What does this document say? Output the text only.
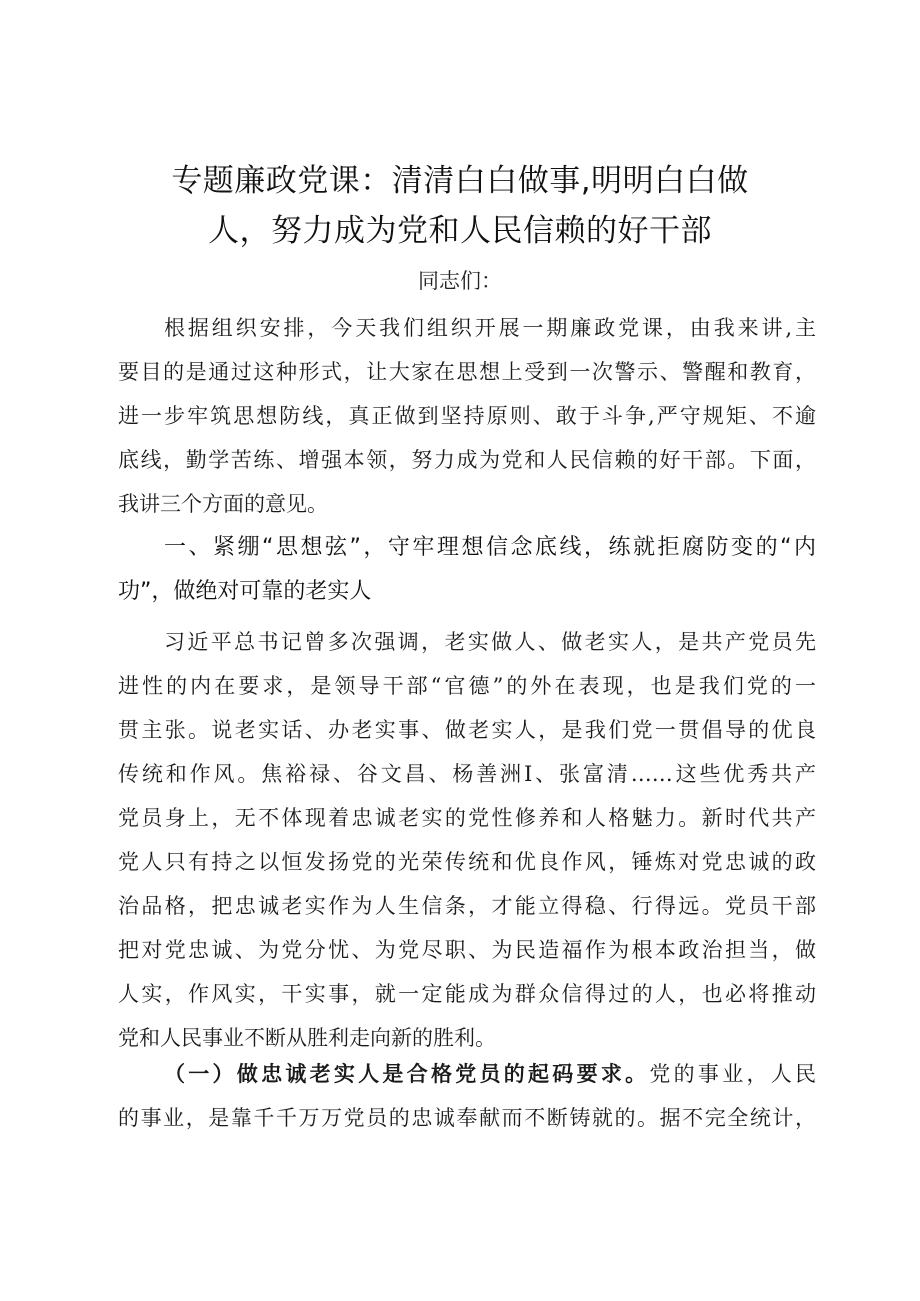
专题廉政党课：清清白白做事,明明白白做
人，努力成为党和人民信赖的好干部
同志们：
根据组织安排，今天我们组织开展一期廉政党课，由我来讲,主
要目的是通过这种形式，让大家在思想上受到一次警示、警醒和教育，
进一步牢筑思想防线，真正做到坚持原则、敢于斗争,严守规矩、不逾
底线，勤学苦练、增强本领，努力成为党和人民信赖的好干部。下面，
我讲三个方面的意见。
一、紧绷“思想弦”，守牢理想信念底线，练就拒腐防变的“内
功”，做绝对可靠的老实人
习近平总书记曾多次强调，老实做人、做老实人，是共产党员先
进性的内在要求，是领导干部“官德”的外在表现，也是我们党的一
贯主张。说老实话、办老实事、做老实人，是我们党一贯倡导的优良
传统和作风。焦裕禄、谷文昌、杨善洲I、张富清……这些优秀共产
党员身上，无不体现着忠诚老实的党性修养和人格魅力。新时代共产
党人只有持之以恒发扬党的光荣传统和优良作风，锤炼对党忠诚的政
治品格，把忠诚老实作为人生信条，才能立得稳、行得远。党员干部
把对党忠诚、为党分忧、为党尽职、为民造福作为根本政治担当，做
人实，作风实，干实事，就一定能成为群众信得过的人，也必将推动
党和人民事业不断从胜利走向新的胜利。
（一）做忠诚老实人是合格党员的起码要求。党的事业，人民
的事业，是靠千千万万党员的忠诚奉献而不断铸就的。据不完全统计，
